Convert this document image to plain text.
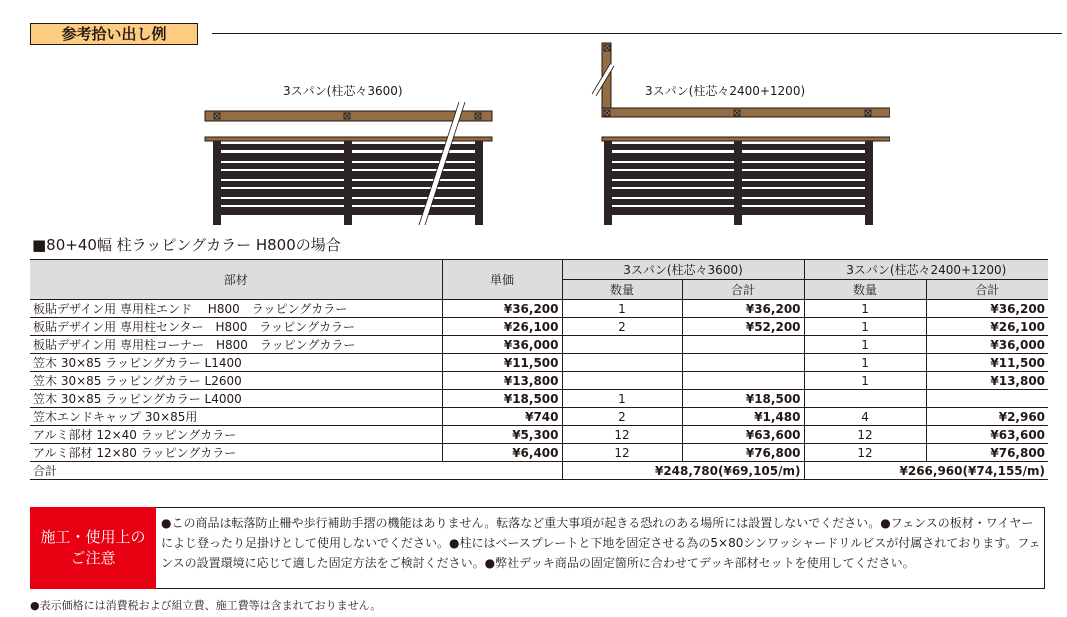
参考拾い出し例
3スパン(柱芯々3600)	3スパン(柱芯々2400+1200)
■80+40幅 柱ラッピングカラー H800の場合
部材	単価	3スパン(柱芯々3600)		3スパン(柱芯々2400+1200)	
		数量	合計	数量	合計
板貼デザイン用 専用柱エンド　 H800　ラッピングカラー	¥36,200	1	¥36,200	1	¥36,200
板貼デザイン用 専用柱センター　H800　ラッピングカラー	¥26,100	2	¥52,200	1	¥26,100
板貼デザイン用 専用柱コーナー　H800　ラッピングカラー	¥36,000			1	¥36,000
笠木 30×85 ラッピングカラー L1400	¥11,500			1	¥11,500
笠木 30×85 ラッピングカラー L2600	¥13,800			1	¥13,800
笠木 30×85 ラッピングカラー L4000	¥18,500	1	¥18,500		
笠木エンドキャップ 30×85用	¥740	2	¥1,480	4	¥2,960
アルミ部材 12×40 ラッピングカラー	¥5,300	12	¥63,600	12	¥63,600
アルミ部材 12×80 ラッピングカラー	¥6,400	12	¥76,800	12	¥76,800
合計		¥248,780(¥69,105/m)		¥266,960(¥74,155/m)	
施工・使用上の
ご注意
●この商品は転落防止柵や歩行補助手摺の機能はありません。転落など重大事項が起きる恐れのある場所には設置しないでください。●フェンスの板材・ワイヤーによじ登ったり足掛けとして使用しないでください。●柱にはベースプレートと下地を固定させる為の5×80シンワッシャードリルビスが付属されております。フェンスの設置環境に応じて適した固定方法をご検討ください。●弊社デッキ商品の固定箇所に合わせてデッキ部材セットを使用してください。
●表示価格には消費税および組立費、施工費等は含まれておりません。
